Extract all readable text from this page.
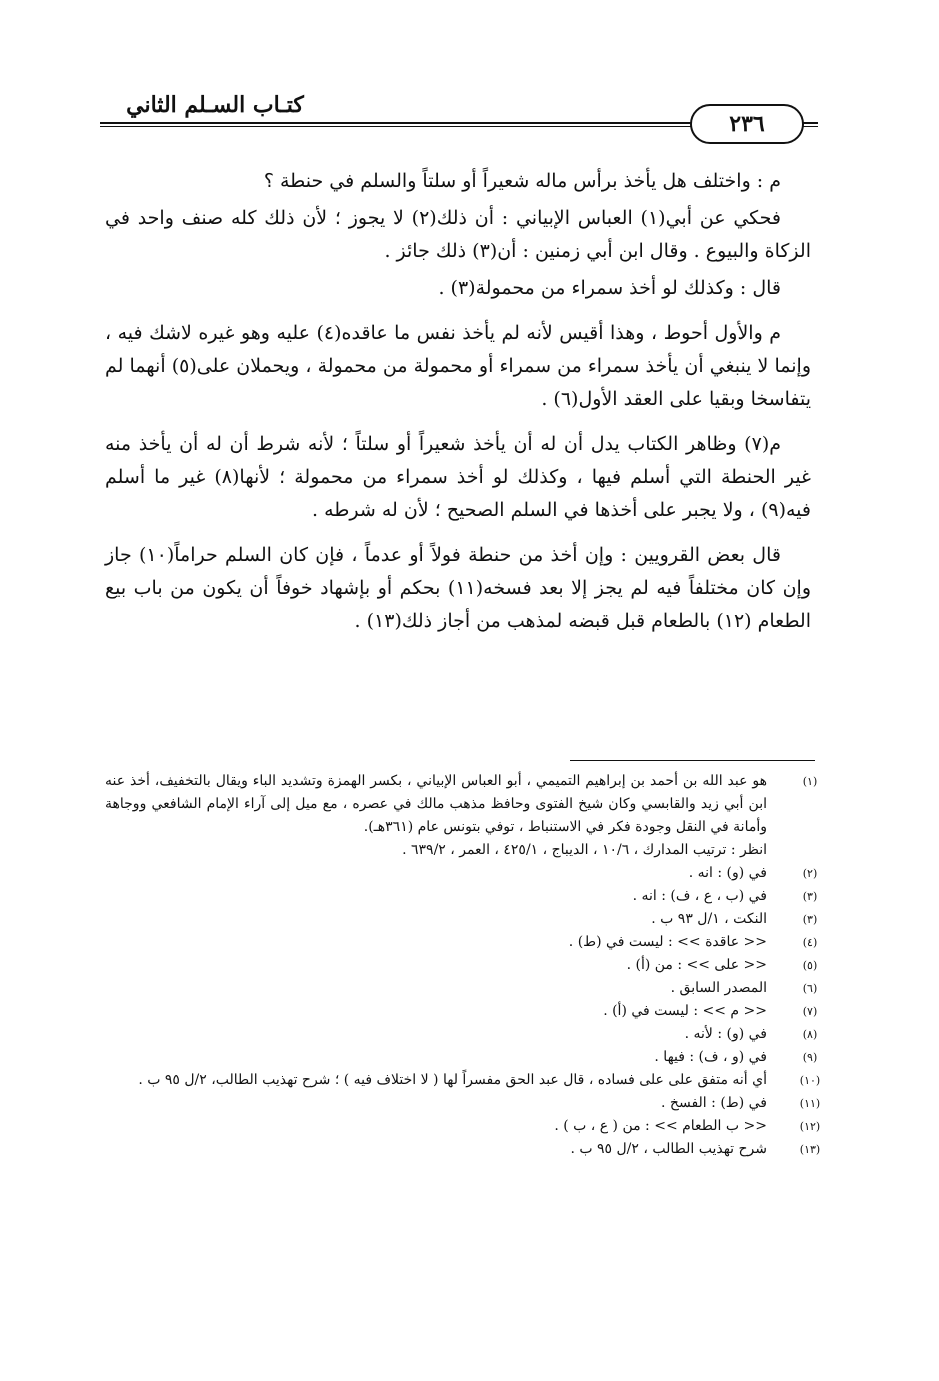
كتـاب السـلم الثاني
٢٣٦

م : واختلف هل يأخذ برأس ماله شعيراً أو سلتاً والسلم في حنطة ؟

فحكي عن أبي(١) العباس الإبياني : أن ذلك(٢) لا يجوز ؛ لأن ذلك كله صنف واحد في الزكاة والبيوع . وقال ابن أبي زمنين : أن(٣) ذلك جائز .

قال : وكذلك لو أخذ سمراء من محمولة(٣) .

م والأول أحوط ، وهذا أقيس لأنه لم يأخذ نفس ما عاقده(٤) عليه وهو غيره لاشك فيه ، وإنما لا ينبغي أن يأخذ سمراء من سمراء أو محمولة من محمولة ، ويحملان على(٥) أنهما لم يتفاسخا وبقيا على العقد الأول(٦) .

م(٧) وظاهر الكتاب يدل أن له أن يأخذ شعيراً أو سلتاً ؛ لأنه شرط أن له أن يأخذ منه غير الحنطة التي أسلم فيها ، وكذلك لو أخذ سمراء من محمولة ؛ لأنها(٨) غير ما أسلم فيه(٩) ، ولا يجبر على أخذها في السلم الصحيح ؛ لأن له شرطه .

قال بعض القرويين : وإن أخذ من حنطة فولاً أو عدماً ، فإن كان السلم حراماً(١٠) جاز وإن كان مختلفاً فيه لم يجز إلا بعد فسخه(١١) بحكم أو بإشهاد خوفاً أن يكون من باب بيع الطعام (١٢) بالطعام قبل قبضه لمذهب من أجاز ذلك(١٣) .

(١)
هو عبد الله بن أحمد بن إبراهيم التميمي ، أبو العباس الإبياني ، بكسر الهمزة وتشديد الباء ويقال بالتخفيف، أخذ عنه ابن أبي زيد والقابسي وكان شيخ الفتوى وحافظ مذهب مالك في عصره ، مع ميل إلى آراء الإمام الشافعي ووجاهة وأمانة في النقل وجودة فكر في الاستنباط ، توفي بتونس عام (٣٦١هـ).
انظر : ترتيب المدارك ، ١٠/٦ ، الديباج ، ٤٢٥/١ ، العمر ، ٦٣٩/٢ .
(٢)
في (و) : انه .
(٣)
في (ب ، ع ، ف) : انه .
(٣)
النكت ، ١/ل ٩٣ ب .
(٤)
<< عاقدة >> : ليست في (ط) .
(٥)
<< على >> : من (أ) .
(٦)
المصدر السابق .
(٧)
<< م >> : ليست في (أ) .
(٨)
في (و) : لأنه .
(٩)
في (و ، ف) : فيها .
(١٠)
أي أنه متفق على على فساده ، قال عبد الحق مفسراً لها ( لا اختلاف فيه ) ؛ شرح تهذيب الطالب، ٢/ل ٩٥ ب .
(١١)
في (ط) : الفسخ .
(١٢)
<< ب الطعام >> : من ( ع ، ب ) .
(١٣)
شرح تهذيب الطالب ، ٢/ل ٩٥ ب .
